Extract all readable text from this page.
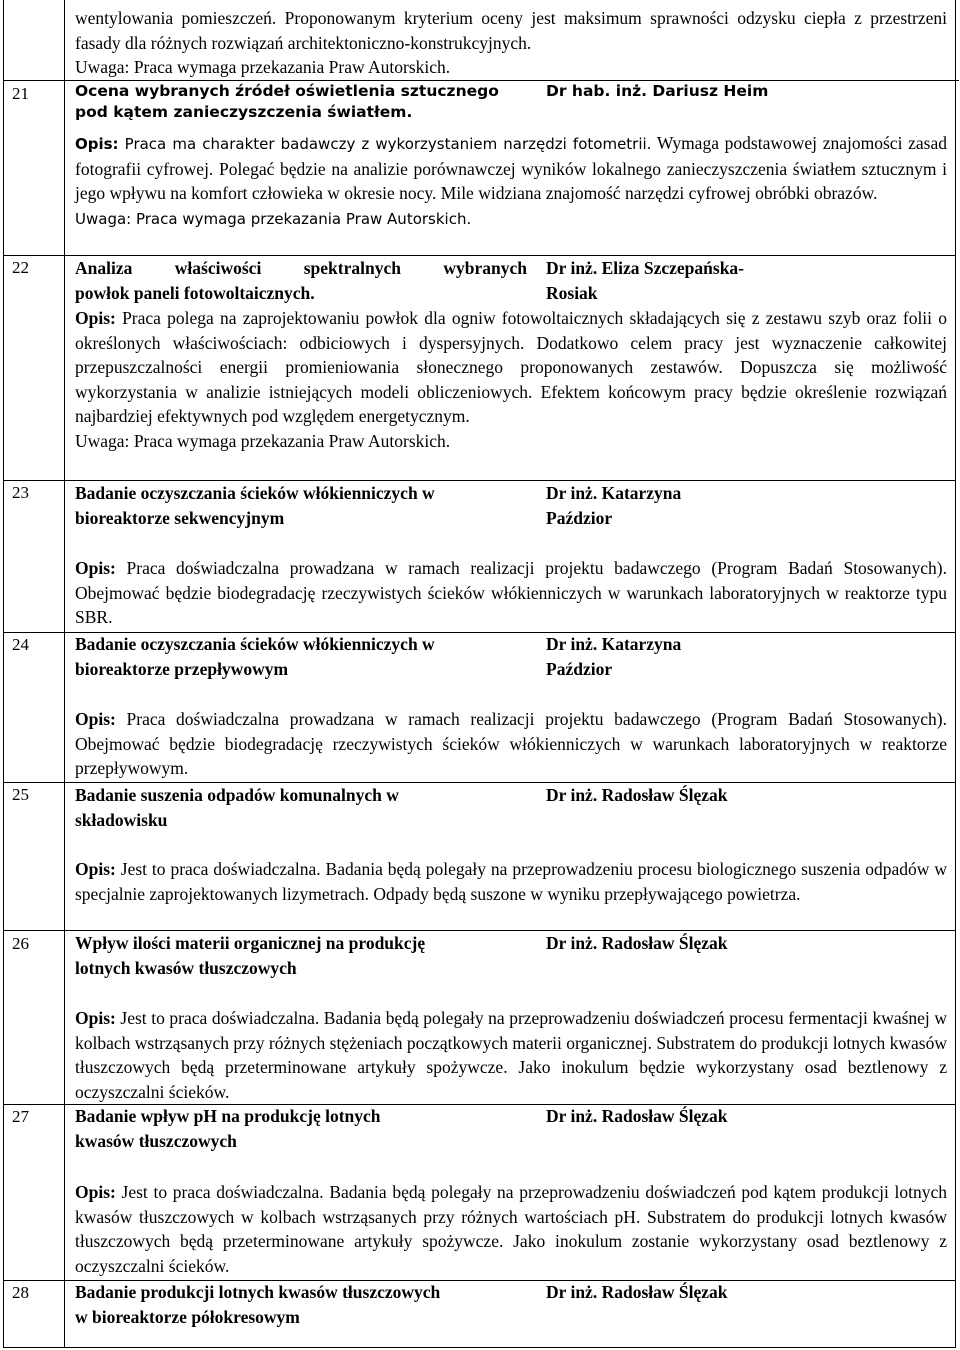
wentylowania pomieszczeń. Proponowanym kryterium oceny jest maksimum sprawności odzysku ciepła z przestrzeni fasady dla różnych rozwiązań architektoniczno-konstrukcyjnych.
Uwaga: Praca wymaga przekazania Praw Autorskich.
21	Ocena wybranych źródeł oświetlenia sztucznego pod kątem zanieczyszczenia światłem.
Dr hab. inż. Dariusz Heim
Opis: Praca ma charakter badawczy z wykorzystaniem narzędzi fotometrii. Wymaga podstawowej znajomości zasad fotografii cyfrowej. Polegać będzie na analizie porównawczej wyników lokalnego zanieczyszczenia światłem sztucznym i jego wpływu na komfort człowieka w okresie nocy. Mile widziana znajomość narzędzi cyfrowej obróbki obrazów.
Uwaga: Praca wymaga przekazania Praw Autorskich.
22	Analiza właściwości spektralnych wybranych
powłok paneli fotowoltaicznych.
Dr inż. Eliza Szczepańska-
Rosiak
Opis: Praca polega na zaprojektowaniu powłok dla ogniw fotowoltaicznych składających się z zestawu szyb oraz folii o określonych właściwościach: odbiciowych i dyspersyjnych. Dodatkowo celem pracy jest wyznaczenie całkowitej przepuszczalności energii promieniowania słonecznego proponowanych zestawów. Dopuszcza się możliwość wykorzystania w analizie istniejących modeli obliczeniowych. Efektem końcowym pracy będzie określenie rozwiązań najbardziej efektywnych pod względem energetycznym.
Uwaga: Praca wymaga przekazania Praw Autorskich.
23	Badanie oczyszczania ścieków włókienniczych w
bioreaktorze sekwencyjnym
Dr inż. Katarzyna
Paździor
Opis: Praca doświadczalna prowadzana w ramach realizacji projektu badawczego (Program Badań Stosowanych). Obejmować będzie biodegradację rzeczywistych ścieków włókienniczych w warunkach laboratoryjnych w reaktorze typu SBR.
24	Badanie oczyszczania ścieków włókienniczych w
bioreaktorze przepływowym
Dr inż. Katarzyna
Paździor
Opis: Praca doświadczalna prowadzana w ramach realizacji projektu badawczego (Program Badań Stosowanych). Obejmować będzie biodegradację rzeczywistych ścieków włókienniczych w warunkach laboratoryjnych w reaktorze przepływowym.
25	Badanie suszenia odpadów komunalnych w
składowisku
Dr inż. Radosław Ślęzak
Opis: Jest to praca doświadczalna. Badania będą polegały na przeprowadzeniu procesu biologicznego suszenia odpadów w specjalnie zaprojektowanych lizymetrach. Odpady będą suszone w wyniku przepływającego powietrza.
26	Wpływ ilości materii organicznej na produkcję
lotnych kwasów tłuszczowych
Dr inż. Radosław Ślęzak
Opis: Jest to praca doświadczalna. Badania będą polegały na przeprowadzeniu doświadczeń procesu fermentacji kwaśnej w kolbach wstrząsanych przy różnych stężeniach początkowych materii organicznej. Substratem do produkcji lotnych kwasów tłuszczowych będą przeterminowane artykuły spożywcze. Jako inokulum będzie wykorzystany osad beztlenowy z oczyszczalni ścieków.
27	Badanie wpływ pH na produkcję lotnych
kwasów tłuszczowych
Dr inż. Radosław Ślęzak
Opis: Jest to praca doświadczalna. Badania będą polegały na przeprowadzeniu doświadczeń pod kątem produkcji lotnych kwasów tłuszczowych w kolbach wstrząsanych przy różnych wartościach pH. Substratem do produkcji lotnych kwasów tłuszczowych będą przeterminowane artykuły spożywcze. Jako inokulum zostanie wykorzystany osad beztlenowy z oczyszczalni ścieków.
28	Badanie produkcji lotnych kwasów tłuszczowych
w bioreaktorze półokresowym
Dr inż. Radosław Ślęzak
